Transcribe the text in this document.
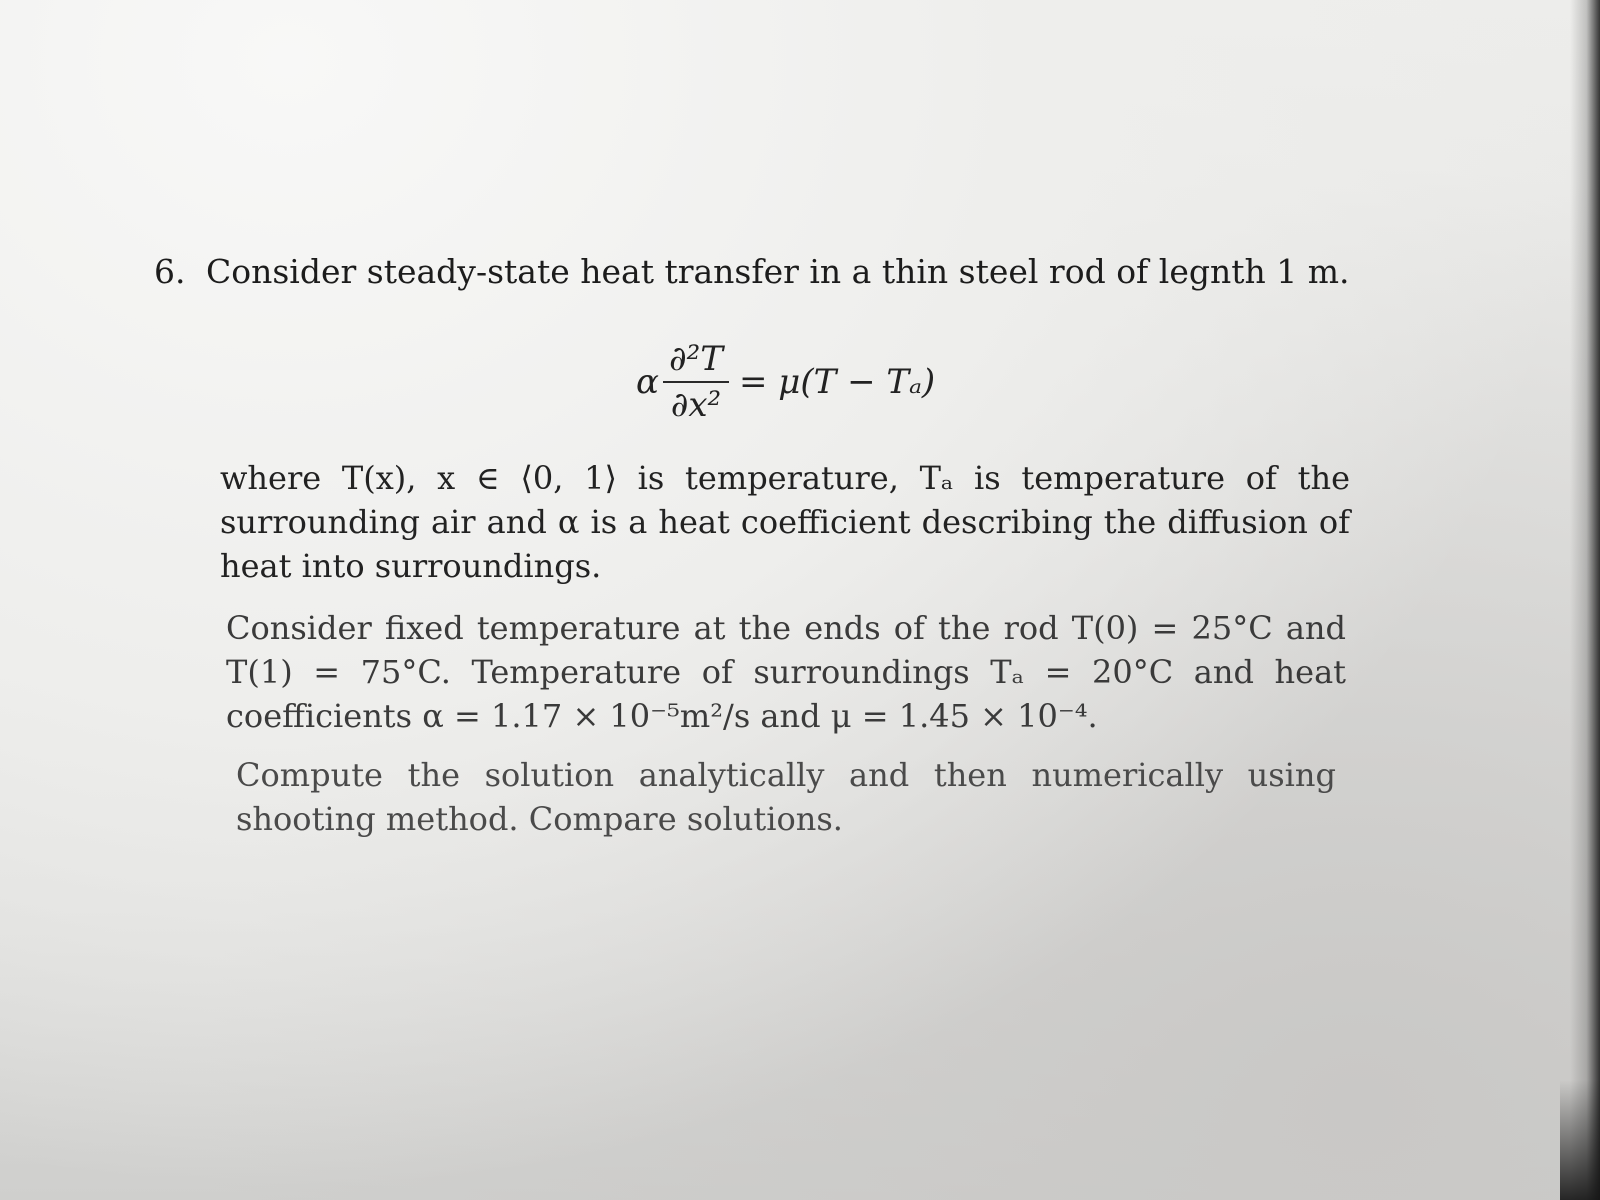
6. Consider steady-state heat transfer in a thin steel rod of legnth 1 m.
α $\frac{\text{∂²T}}{\text{∂x²}} = \mu(T - T_a)$
where T(x), x ∈ ⟨0, 1⟩ is temperature, Tₐ is temperature of the surrounding air and α is a heat coefficient describing the diffusion of heat into surroundings.
Consider fixed temperature at the ends of the rod T(0) = 25°C and T(1) = 75°C. Temperature of surroundings Tₐ = 20°C and heat coefficients α = 1.17 × 10⁻⁵m²/s and μ = 1.45 × 10⁻⁴.
Compute the solution analytically and then numerically using shooting method. Compare solutions.
